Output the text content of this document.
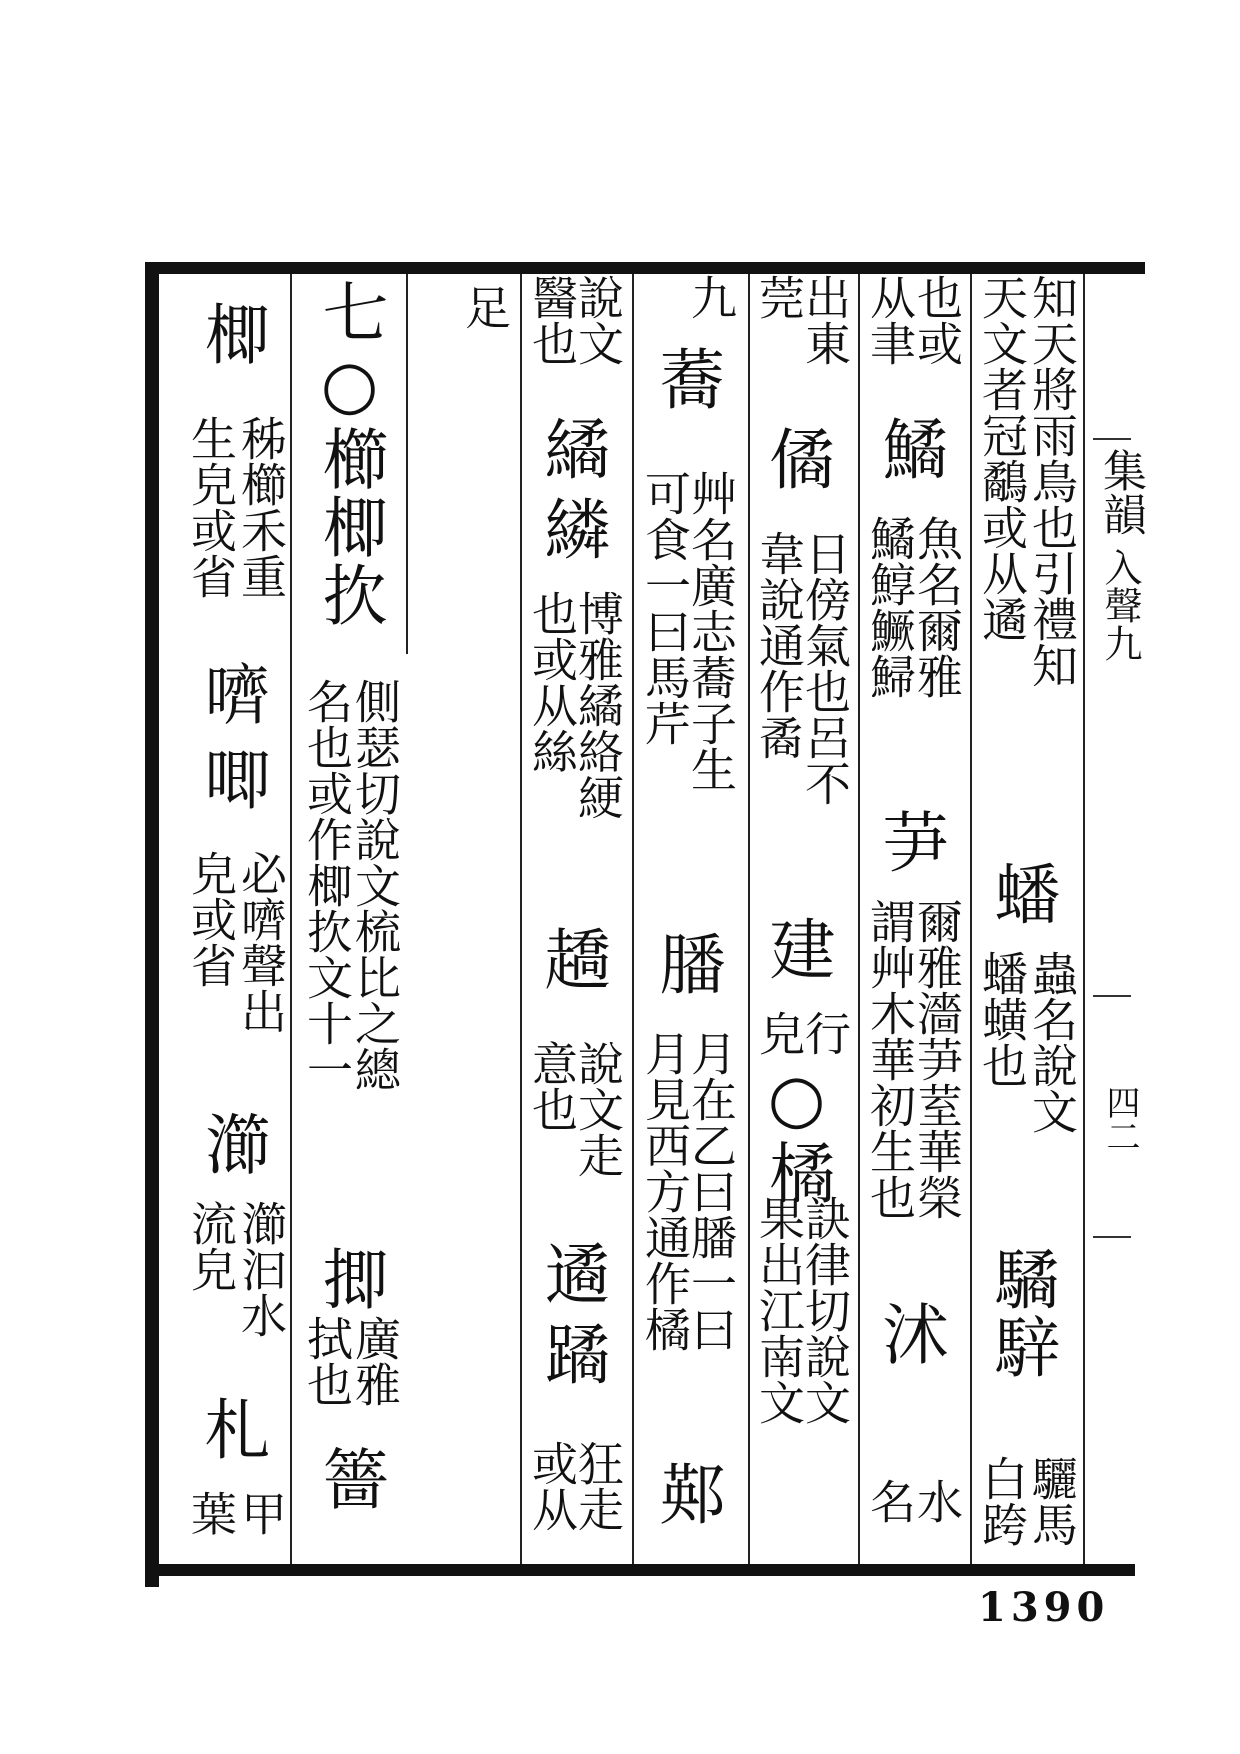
集韻
入聲九
四二
知天將雨鳥也引禮知
天文者冠鷸或从遹
蟠
蟠蟥也
蟲名說文
驈騂
白跨
驪馬
也或
从聿
鱊
鱊鯙鱖鯞
魚名爾雅
芛
謂艸木華初生也
爾雅濇芛荎華榮
沭
名
水
出東
莞
僪
韋說通作矞
日傍氣也呂不
建
皃
行
○橘
果出江南文
訣律切說文
九
蕎
可食一曰馬芹
艸名廣志蕎子生
膰
月見西方通作橘
月在乙曰膰一曰
䣐
說文
醫也
繘
繗
也或从絲
博雅繘絡綆
趫
意也
說文走
遹
蹫
或从
狂走
足
七○櫛楖扻
名也或作楖扻文十一
側瑟切說文梳比之總
揤
拭也
廣雅
䉢
楖
生皃或省
秭櫛禾重
嚌
唧
皃或省
必嚌聲出
瀄
流皃
瀄汩水
札
葉
甲
1390
